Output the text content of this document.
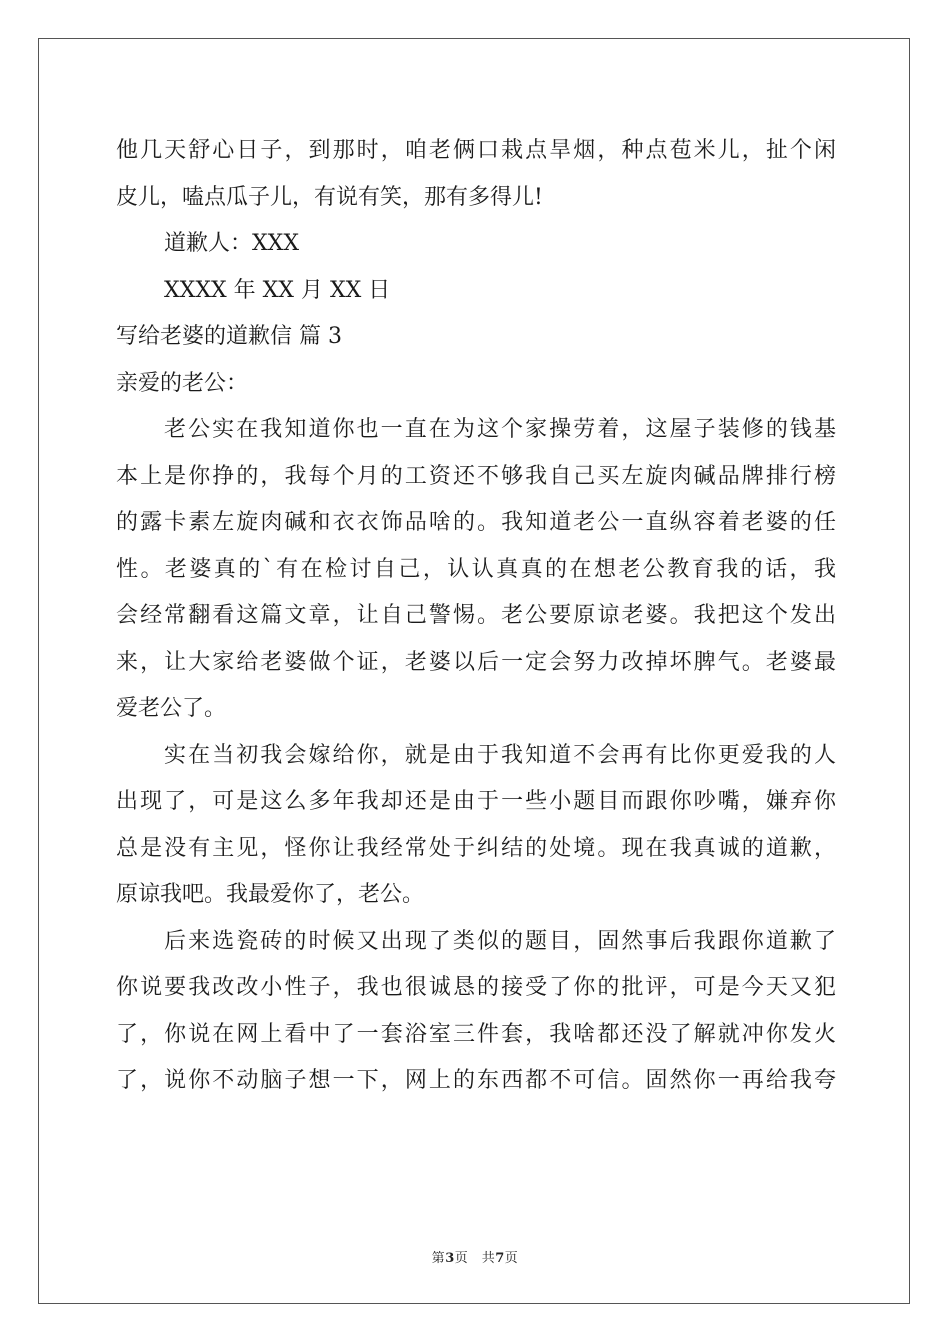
他几天舒心日子，到那时，咱老俩口栽点旱烟，种点苞米儿，扯个闲
皮儿，嗑点瓜子儿，有说有笑，那有多得儿!
道歉人：XXX
XXXX 年 XX 月 XX 日
写给老婆的道歉信 篇 3
亲爱的老公：
老公实在我知道你也一直在为这个家操劳着，这屋子装修的钱基
本上是你挣的，我每个月的工资还不够我自己买左旋肉碱品牌排行榜
的露卡素左旋肉碱和衣衣饰品啥的。我知道老公一直纵容着老婆的任
性。老婆真的`有在检讨自己，认认真真的在想老公教育我的话，我
会经常翻看这篇文章，让自己警惕。老公要原谅老婆。我把这个发出
来，让大家给老婆做个证，老婆以后一定会努力改掉坏脾气。老婆最
爱老公了。
实在当初我会嫁给你，就是由于我知道不会再有比你更爱我的人
出现了，可是这么多年我却还是由于一些小题目而跟你吵嘴，嫌弃你
总是没有主见，怪你让我经常处于纠结的处境。现在我真诚的道歉，
原谅我吧。我最爱你了，老公。
后来选瓷砖的时候又出现了类似的题目，固然事后我跟你道歉了
你说要我改改小性子，我也很诚恳的接受了你的批评，可是今天又犯
了，你说在网上看中了一套浴室三件套，我啥都还没了解就冲你发火
了，说你不动脑子想一下，网上的东西都不可信。固然你一再给我夸
第3页　共7页
